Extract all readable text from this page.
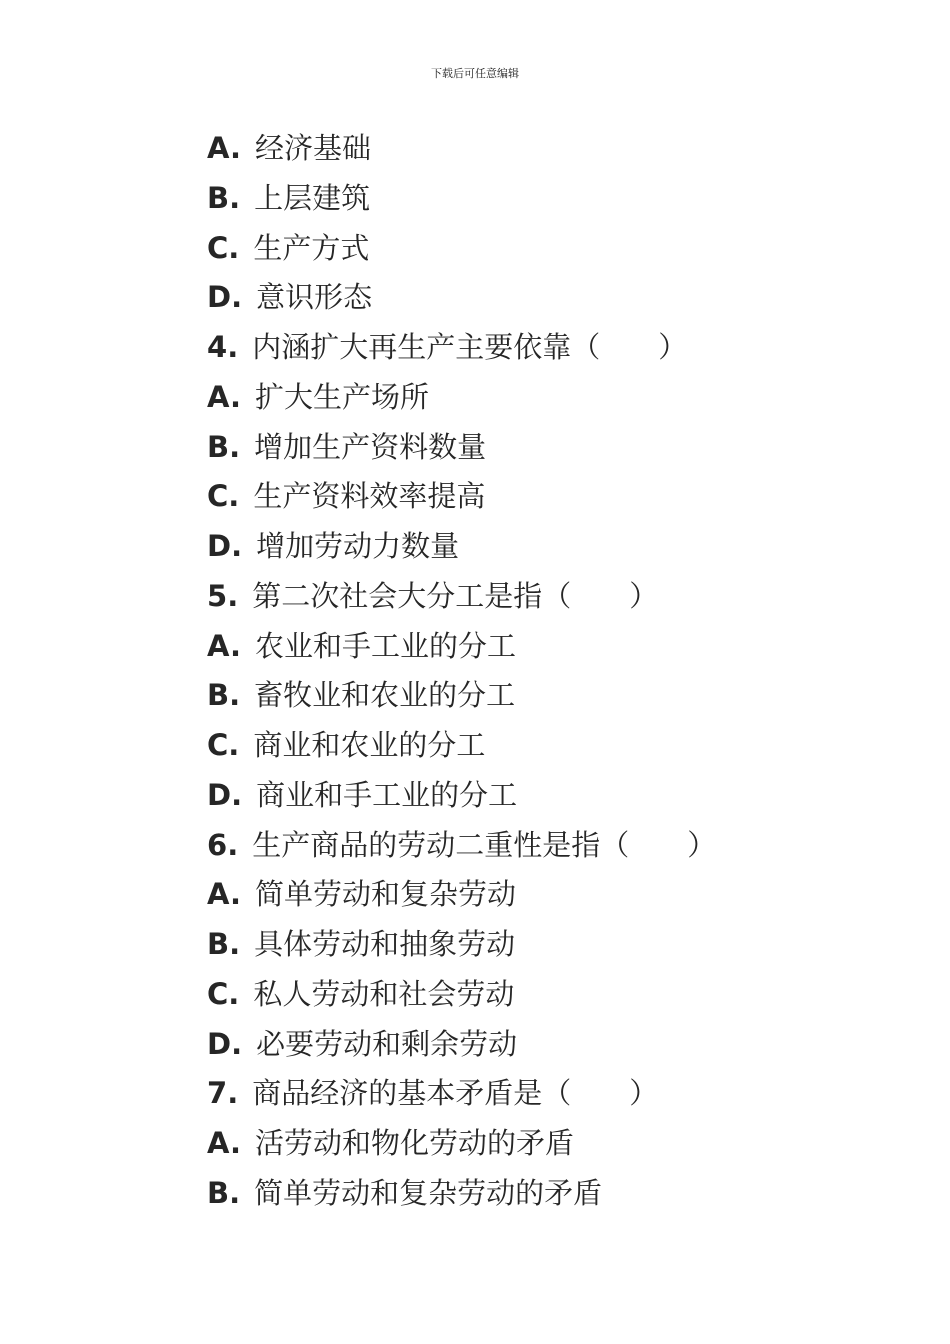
下载后可任意编辑
A. 经济基础
B. 上层建筑
C. 生产方式
D. 意识形态
4. 内涵扩大再生产主要依靠（　　）
A. 扩大生产场所
B. 增加生产资料数量
C. 生产资料效率提高
D. 增加劳动力数量
5. 第二次社会大分工是指（　　）
A. 农业和手工业的分工
B. 畜牧业和农业的分工
C. 商业和农业的分工
D. 商业和手工业的分工
6. 生产商品的劳动二重性是指（　　）
A. 简单劳动和复杂劳动
B. 具体劳动和抽象劳动
C. 私人劳动和社会劳动
D. 必要劳动和剩余劳动
7. 商品经济的基本矛盾是（　　）
A. 活劳动和物化劳动的矛盾
B. 简单劳动和复杂劳动的矛盾
